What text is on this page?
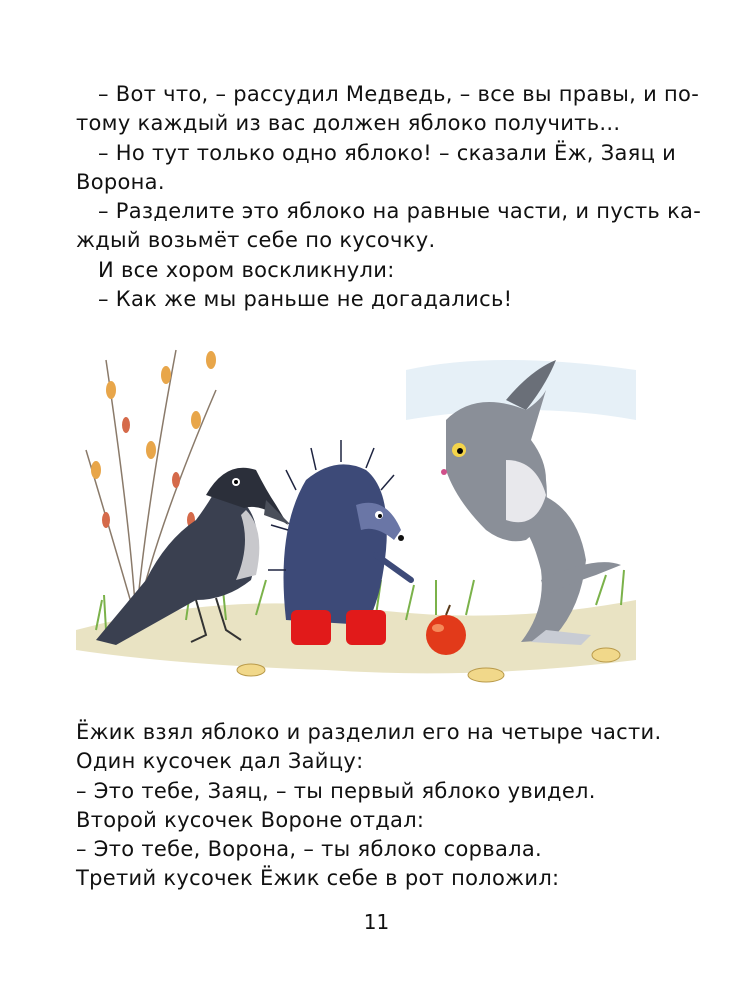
– Вот что, – рассудил Медведь, – все вы правы, и по-
тому каждый из вас должен яблоко получить...
– Но тут только одно яблоко! – сказали Ёж, Заяц и
Ворона.
– Разделите это яблоко на равные части, и пусть ка-
ждый возьмёт себе по кусочку.
И все хором воскликнули:
– Как же мы раньше не догадались!
Ёжик взял яблоко и разделил его на четыре части.
Один кусочек дал Зайцу:
– Это тебе, Заяц, – ты первый яблоко увидел.
Второй кусочек Вороне отдал:
– Это тебе, Ворона, – ты яблоко сорвала.
Третий кусочек Ёжик себе в рот положил:
11
